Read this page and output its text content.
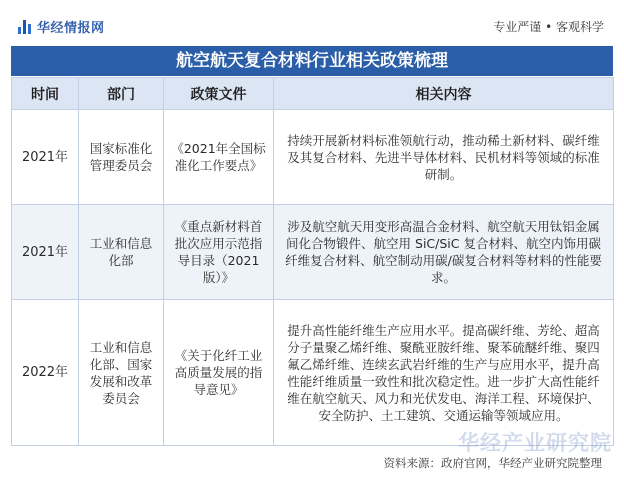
华经情报网	专业严谨 • 客观科学
航空航天复合材料行业相关政策梳理
时间	部门	政策文件	相关内容
2021年	国家标准化管理委员会	《2021年全国标准化工作要点》	持续开展新材料标准领航行动，推动稀土新材料、碳纤维及其复合材料、先进半导体材料、民机材料等领域的标准研制。
2021年	工业和信息化部	《重点新材料首批次应用示范指导目录（2021版）》	涉及航空航天用变形高温合金材料、航空航天用钛铝金属间化合物锻件、航空用 SiC/SiC 复合材料、航空内饰用碳纤维复合材料、航空制动用碳/碳复合材料等材料的性能要求。
2022年	工业和信息化部、国家发展和改革委员会	《关于化纤工业高质量发展的指导意见》	提升高性能纤维生产应用水平。提高碳纤维、芳纶、超高分子量聚乙烯纤维、聚酰亚胺纤维、聚苯硫醚纤维、聚四氟乙烯纤维、连续玄武岩纤维的生产与应用水平，提升高性能纤维质量一致性和批次稳定性。进一步扩大高性能纤维在航空航天、风力和光伏发电、海洋工程、环境保护、安全防护、土工建筑、交通运输等领域应用。
华经产业研究院
资料来源：政府官网，华经产业研究院整理
